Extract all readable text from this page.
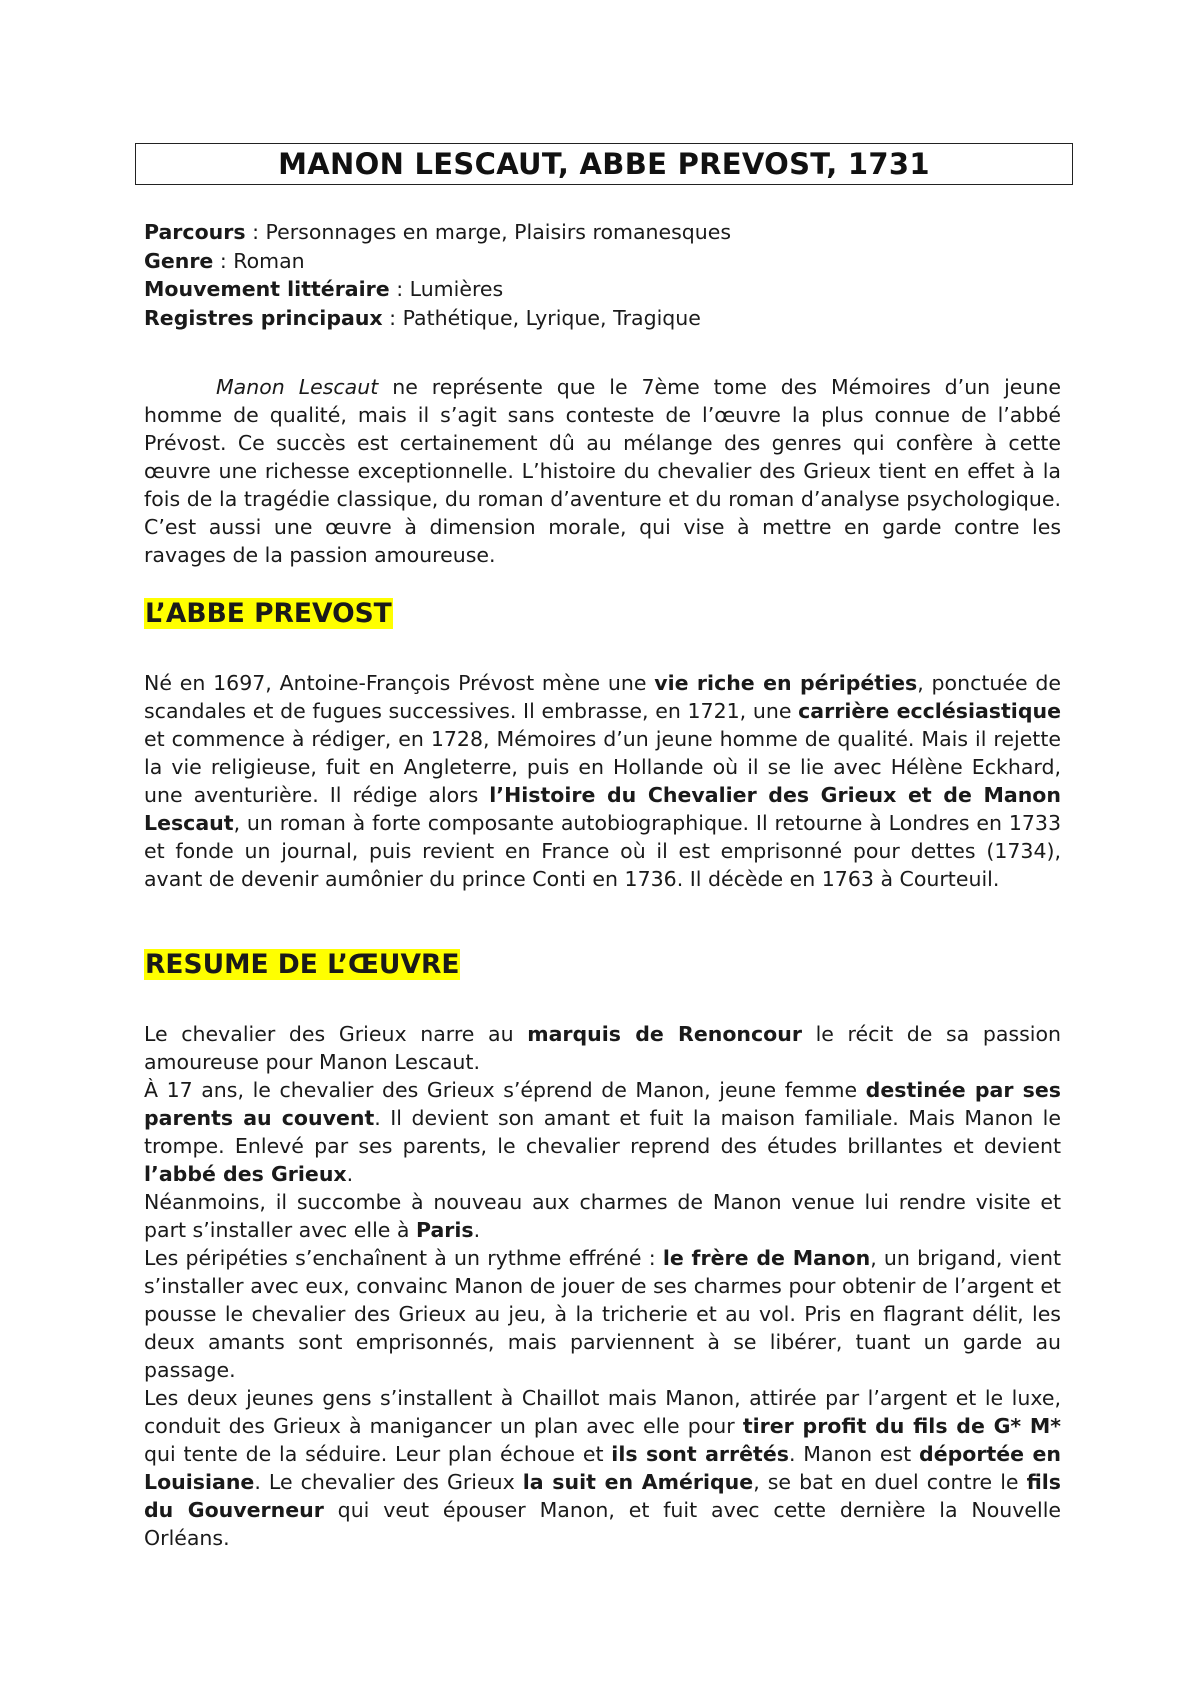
MANON LESCAUT, ABBE PREVOST, 1731
Parcours : Personnages en marge, Plaisirs romanesques
Genre : Roman
Mouvement littéraire : Lumières
Registres principaux : Pathétique, Lyrique, Tragique

Manon Lescaut ne représente que le 7ème tome des Mémoires d’un jeune homme de qualité, mais il s’agit sans conteste de l’œuvre la plus connue de l’abbé Prévost. Ce succès est certainement dû au mélange des genres qui confère à cette œuvre une richesse exceptionnelle. L’histoire du chevalier des Grieux tient en effet à la fois de la tragédie classique, du roman d’aventure et du roman d’analyse psychologique. C’est aussi une œuvre à dimension morale, qui vise à mettre en garde contre les ravages de la passion amoureuse.

L’ABBE PREVOST

Né en 1697, Antoine-François Prévost mène une vie riche en péripéties, ponctuée de scandales et de fugues successives. Il embrasse, en 1721, une carrière ecclésiastique et commence à rédiger, en 1728, Mémoires d’un jeune homme de qualité. Mais il rejette la vie religieuse, fuit en Angleterre, puis en Hollande où il se lie avec Hélène Eckhard, une aventurière. Il rédige alors l’Histoire du Chevalier des Grieux et de Manon Lescaut, un roman à forte composante autobiographique. Il retourne à Londres en 1733 et fonde un journal, puis revient en France où il est emprisonné pour dettes (1734), avant de devenir aumônier du prince Conti en 1736. Il décède en 1763 à Courteuil.

RESUME DE L’ŒUVRE

Le chevalier des Grieux narre au marquis de Renoncour le récit de sa passion amoureuse pour Manon Lescaut.

À 17 ans, le chevalier des Grieux s’éprend de Manon, jeune femme destinée par ses parents au couvent. Il devient son amant et fuit la maison familiale. Mais Manon le trompe. Enlevé par ses parents, le chevalier reprend des études brillantes et devient l’abbé des Grieux.

Néanmoins, il succombe à nouveau aux charmes de Manon venue lui rendre visite et part s’installer avec elle à Paris.

Les péripéties s’enchaînent à un rythme effréné : le frère de Manon, un brigand, vient s’installer avec eux, convainc Manon de jouer de ses charmes pour obtenir de l’argent et pousse le chevalier des Grieux au jeu, à la tricherie et au vol. Pris en flagrant délit, les deux amants sont emprisonnés, mais parviennent à se libérer, tuant un garde au passage.

Les deux jeunes gens s’installent à Chaillot mais Manon, attirée par l’argent et le luxe, conduit des Grieux à manigancer un plan avec elle pour tirer profit du fils de G* M* qui tente de la séduire. Leur plan échoue et ils sont arrêtés. Manon est déportée en Louisiane. Le chevalier des Grieux la suit en Amérique, se bat en duel contre le fils du Gouverneur qui veut épouser Manon, et fuit avec cette dernière la Nouvelle Orléans.
